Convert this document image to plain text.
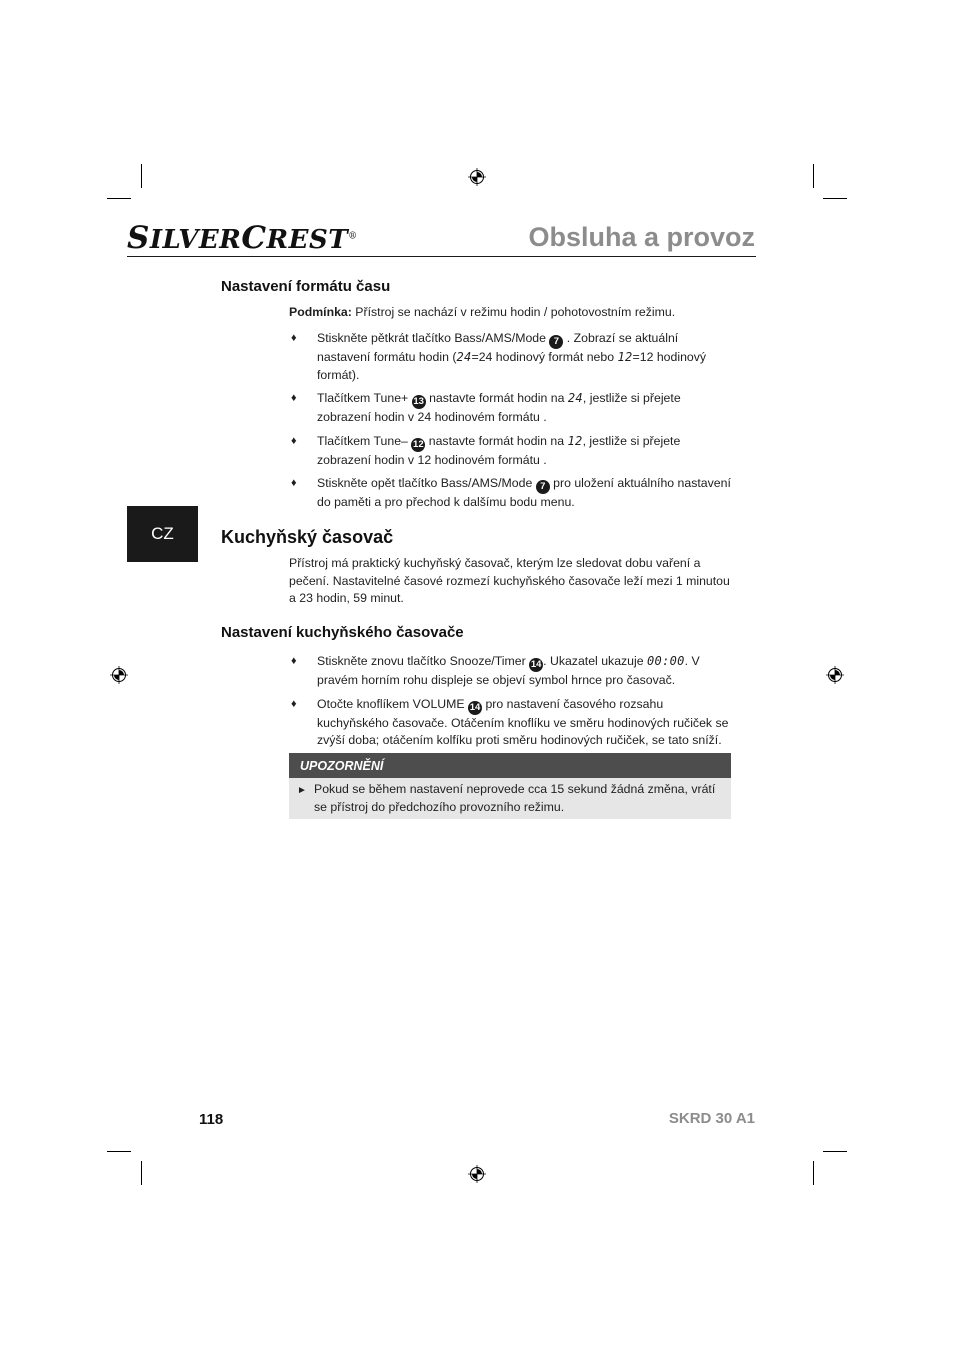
SILVERCREST®	Obsluha a provoz
CZ
Nastavení formátu času
Podmínka: Přístroj se nachází v režimu hodin / pohotovostním režimu.
♦ Stiskněte pětkrát tlačítko Bass/AMS/Mode 7 . Zobrazí se aktuální nastavení formátu hodin (24=24 hodinový formát nebo 12=12 hodinový formát).
♦ Tlačítkem Tune+ 13 nastavte formát hodin na 24, jestliže si přejete zobrazení hodin v 24 hodinovém formátu .
♦ Tlačítkem Tune– 12 nastavte formát hodin na 12, jestliže si přejete zobrazení hodin v 12 hodinovém formátu .
♦ Stiskněte opět tlačítko Bass/AMS/Mode 7 pro uložení aktuálního nastavení do paměti a pro přechod k dalšímu bodu menu.
Kuchyňský časovač
Přístroj má praktický kuchyňský časovač, kterým lze sledovat dobu vaření a pečení. Nastavitelné časové rozmezí kuchyňského časovače leží mezi 1 minutou a 23 hodin, 59 minut.
Nastavení kuchyňského časovače
♦ Stiskněte znovu tlačítko Snooze/Timer 14 . Ukazatel ukazuje 00:00. V pravém horním rohu displeje se objeví symbol hrnce pro časovač.
♦ Otočte knoflíkem VOLUME 14 pro nastavení časového rozsahu kuchyňského časovače. Otáčením knoflíku ve směru hodinových ručiček se zvýší doba; otáčením kolfíku proti směru hodinových ručiček, se tato sníží.
UPOZORNĚNÍ
► Pokud se během nastavení neprovede cca 15 sekund žádná změna, vrátí se přístroj do předchozího provozního režimu.
118	SKRD 30 A1
